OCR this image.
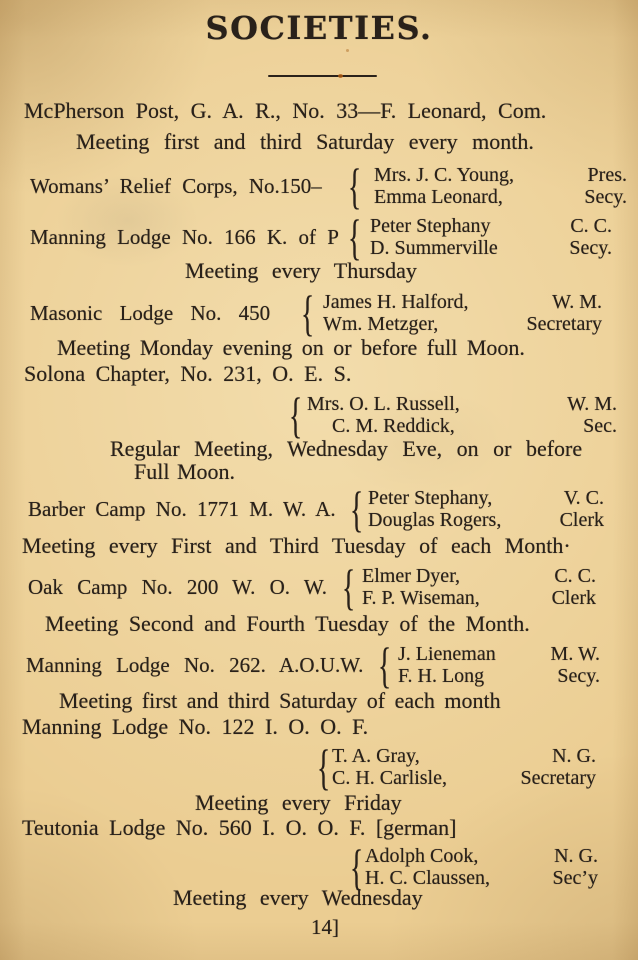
SOCIETIES.
McPherson Post, G. A. R., No. 33—F. Leonard, Com.
Meeting first and third Saturday every month.
Womans’ Relief Corps, No.150– { Mrs. J. C. Young,	Pres.
Emma Leonard,	Secy.
Manning Lodge No. 166 K. of P { Peter Stephany	C. C.
D. Summerville	Secy.
Meeting every Thursday
Masonic Lodge No. 450 { James H. Halford,	W. M.
Wm. Metzger,	Secretary
Meeting Monday evening on or before full Moon.
Solona Chapter, No. 231, O. E. S.
{ Mrs. O. L. Russell,	W. M.
C. M. Reddick,	Sec.
Regular Meeting, Wednesday Eve, on or before
Full Moon.
Barber Camp No. 1771 M. W. A. { Peter Stephany,	V. C.
Douglas Rogers,	Clerk
Meeting every First and Third Tuesday of each Month·
Oak Camp No. 200 W. O. W. { Elmer Dyer,	C. C.
F. P. Wiseman,	Clerk
Meeting Second and Fourth Tuesday of the Month.
Manning Lodge No. 262. A.O.U.W. { J. Lieneman	M. W.
F. H. Long	Secy.
Meeting first and third Saturday of each month
Manning Lodge No. 122 I. O. O. F.
{ T. A. Gray,	N. G.
C. H. Carlisle,	Secretary
Meeting every Friday
Teutonia Lodge No. 560 I. O. O. F. [german]
{ Adolph Cook,	N. G.
H. C. Claussen,	Sec’y
Meeting every Wednesday
14]
